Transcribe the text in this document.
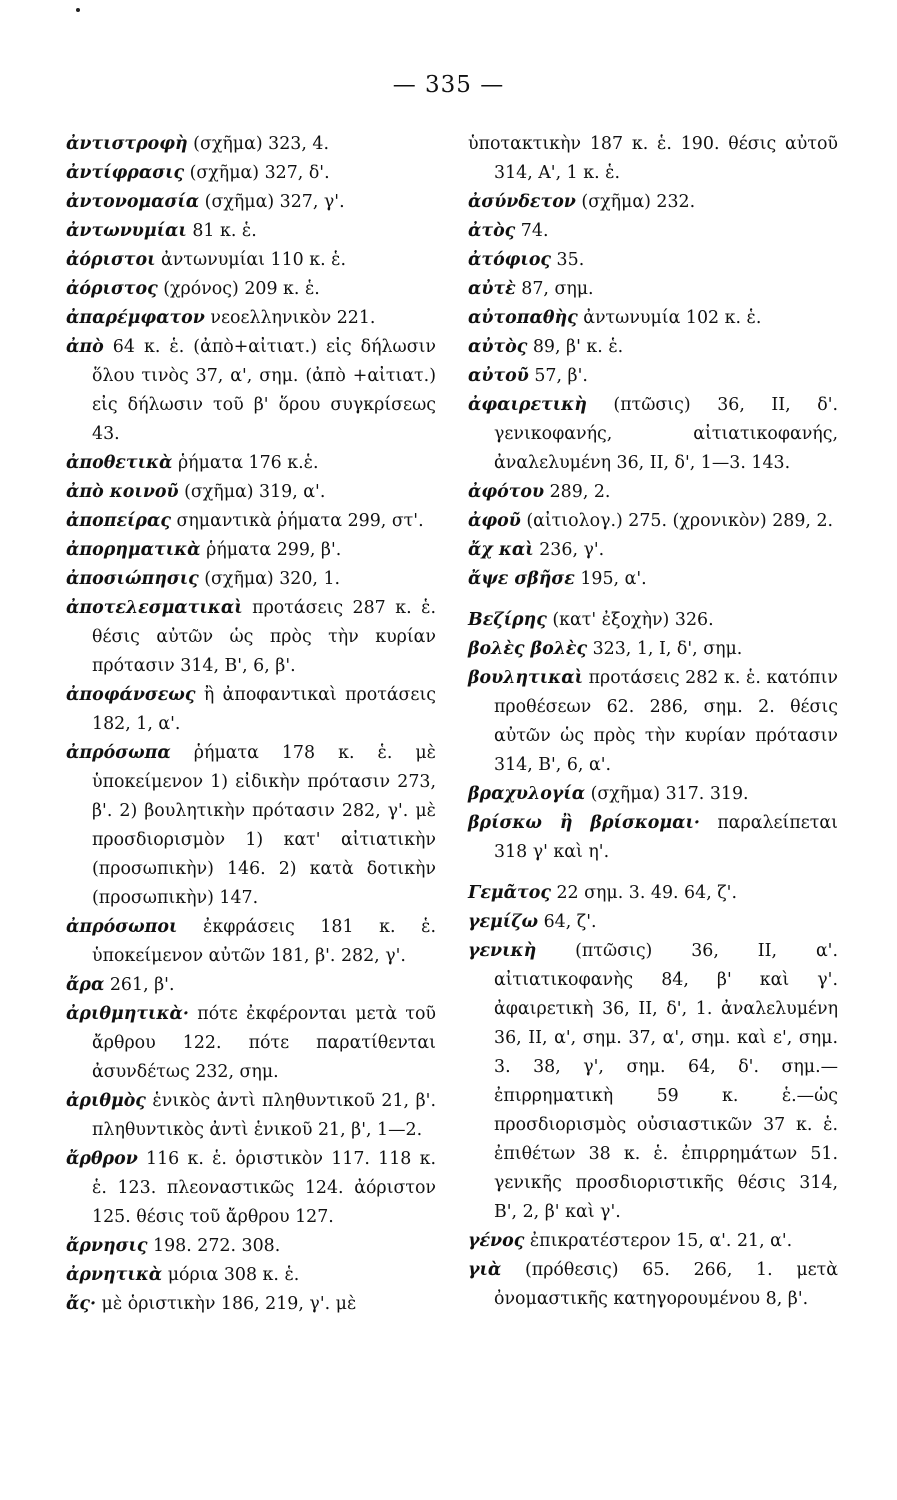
— 335 —
ἀντιστροφὴ (σχῆμα) 323, 4.
ἀντίφρασις (σχῆμα) 327, δ'.
ἀντονομασία (σχῆμα) 327, γ'.
ἀντωνυμίαι 81 κ. ἑ.
ἀόριστοι ἀντωνυμίαι 110 κ. ἑ.
ἀόριστος (χρόνος) 209 κ. ἑ.
ἀπαρέμφατον νεοελληνικὸν 221.
ἀπὸ 64 κ. ἑ. (ἀπὸ+αἰτιατ.) εἰς δήλωσιν ὅλου τινὸς 37, α', σημ. (ἀπὸ +αἰτιατ.) εἰς δήλωσιν τοῦ β' ὅρου συγκρίσεως 43.
ἀποθετικὰ ῥήματα 176 κ.ἑ.
ἀπὸ κοινοῦ (σχῆμα) 319, α'.
ἀποπείρας σημαντικὰ ῥήματα 299, στ'.
ἀπορηματικὰ ῥήματα 299, β'.
ἀποσιώπησις (σχῆμα) 320, 1.
ἀποτελεσματικαὶ προτάσεις 287 κ. ἑ. θέσις αὐτῶν ὡς πρὸς τὴν κυρίαν πρότασιν 314, Β', 6, β'.
ἀποφάνσεως ἢ ἀποφαντικαὶ προτάσεις 182, 1, α'.
ἀπρόσωπα ῥήματα 178 κ. ἑ. μὲ ὑποκείμενον 1) εἰδικὴν πρότασιν 273, β'. 2) βουλητικὴν πρότασιν 282, γ'. μὲ προσδιορισμὸν 1) κατ' αἰτιατικὴν (προσωπικὴν) 146. 2) κατὰ δοτικὴν (προσωπικὴν) 147.
ἀπρόσωποι ἐκφράσεις 181 κ. ἑ. ὑποκείμενον αὐτῶν 181, β'. 282, γ'.
ἄρα 261, β'.
ἀριθμητικὰ· πότε ἐκφέρονται μετὰ τοῦ ἄρθρου 122. πότε παρατίθενται ἀσυνδέτως 232, σημ.
ἀριθμὸς ἑνικὸς ἀντὶ πληθυντικοῦ 21, β'. πληθυντικὸς ἀντὶ ἑνικοῦ 21, β', 1—2.
ἄρθρον 116 κ. ἑ. ὁριστικὸν 117. 118 κ. ἑ. 123. πλεοναστικῶς 124. ἀόριστον 125. θέσις τοῦ ἄρθρου 127.
ἄρνησις 198. 272. 308.
ἀρνητικὰ μόρια 308 κ. ἑ.
ἄς· μὲ ὁριστικὴν 186, 219, γ'. μὲ
ὑποτακτικὴν 187 κ. ἑ. 190. θέσις αὐτοῦ 314, Α', 1 κ. ἑ.
ἀσύνδετον (σχῆμα) 232.
ἀτὸς 74.
ἀτόφιος 35.
αὐτὲ 87, σημ.
αὐτοπαθὴς ἀντωνυμία 102 κ. ἑ.
αὐτὸς 89, β' κ. ἑ.
αὐτοῦ 57, β'.
ἀφαιρετικὴ (πτῶσις) 36, II, δ'. γενικοφανής, αἰτιατικοφανής, ἀναλελυμένη 36, II, δ', 1—3. 143.
ἀφότου 289, 2.
ἀφοῦ (αἰτιολογ.) 275. (χρονικὸν) 289, 2.
ἄχ καὶ 236, γ'.
ἄψε σβῆσε 195, α'.
Βεζίρης (κατ' ἐξοχὴν) 326.
βολὲς βολὲς 323, 1, I, δ', σημ.
βουλητικαὶ προτάσεις 282 κ. ἑ. κατόπιν προθέσεων 62. 286, σημ. 2. θέσις αὐτῶν ὡς πρὸς τὴν κυρίαν πρότασιν 314, Β', 6, α'.
βραχυλογία (σχῆμα) 317. 319.
βρίσκω ἢ βρίσκομαι· παραλείπεται 318 γ' καὶ η'.
Γεμᾶτος 22 σημ. 3. 49. 64, ζ'.
γεμίζω 64, ζ'.
γενικὴ (πτῶσις) 36, II, α'. αἰτιατικοφανὴς 84, β' καὶ γ'. ἀφαιρετικὴ 36, II, δ', 1. ἀναλελυμένη 36, II, α', σημ. 37, α', σημ. καὶ ε', σημ. 3. 38, γ', σημ. 64, δ'. σημ.—ἐπιρρηματικὴ 59 κ. ἑ.—ὡς προσδιορισμὸς οὐσιαστικῶν 37 κ. ἑ. ἐπιθέτων 38 κ. ἑ. ἐπιρρημάτων 51. γενικῆς προσδιοριστικῆς θέσις 314, Β', 2, β' καὶ γ'.
γένος ἐπικρατέστερον 15, α'. 21, α'.
γιὰ (πρόθεσις) 65. 266, 1. μετὰ ὀνομαστικῆς κατηγορουμένου 8, β'.
